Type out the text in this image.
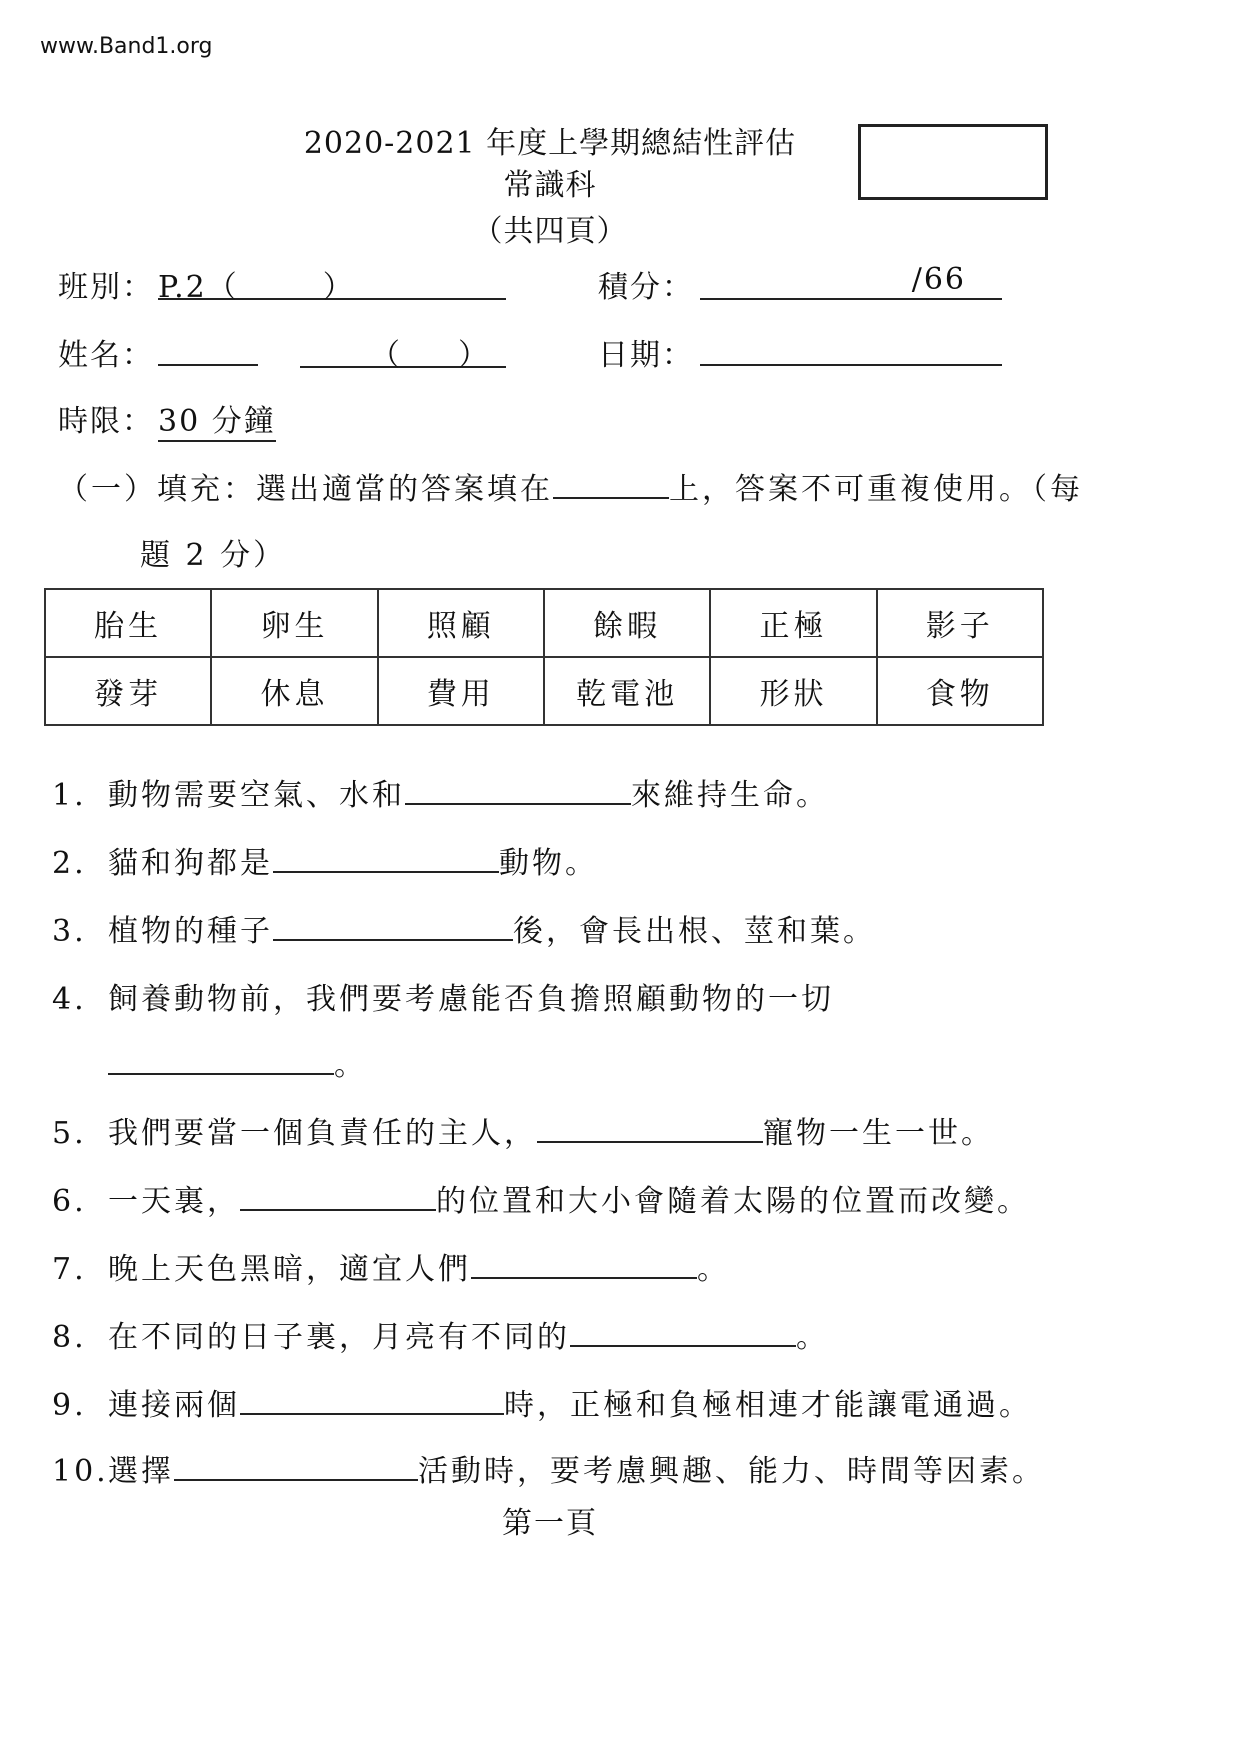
www.Band1.org
2020-2021 年度上學期總結性評估
常識科
（共四頁）
班別： P.2（	）	積分：	/66
姓名：	（ ）	日期：
時限： 30 分鐘
（一）填充：選出適當的答案填在	上，答案不可重複使用。（每
題 2 分）
胎生	卵生	照顧	餘暇	正極	影子
發芽	休息	費用	乾電池	形狀	食物
1. 動物需要空氣、水和	來維持生命。
2. 貓和狗都是	動物。
3. 植物的種子	後，會長出根、莖和葉。
4. 飼養動物前，我們要考慮能否負擔照顧動物的一切
。
5. 我們要當一個負責任的主人，	寵物一生一世。
6. 一天裏，	的位置和大小會隨着太陽的位置而改變。
7. 晚上天色黑暗，適宜人們	。
8. 在不同的日子裏，月亮有不同的	。
9. 連接兩個	時，正極和負極相連才能讓電通過。
10.選擇	活動時，要考慮興趣、能力、時間等因素。
第一頁
